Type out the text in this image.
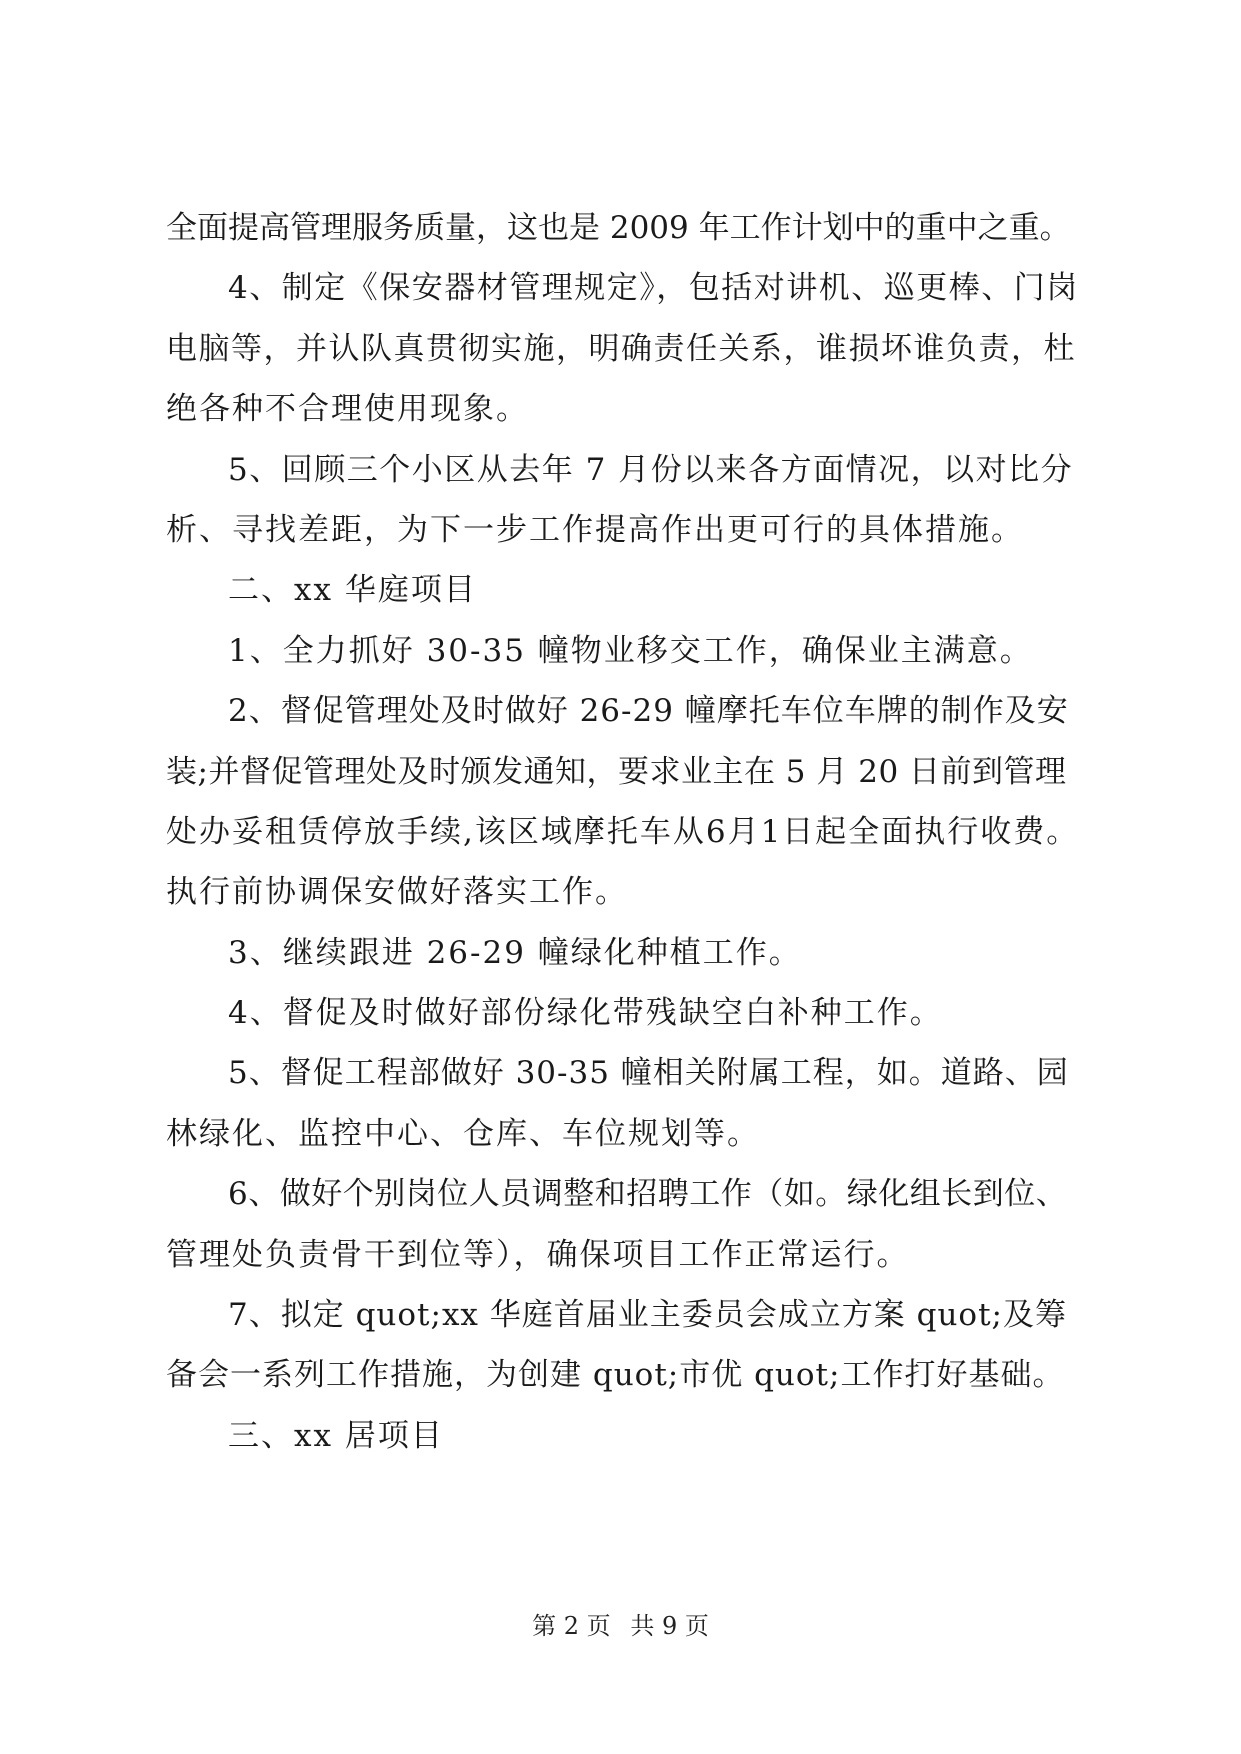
全面提高管理服务质量，这也是 2009 年工作计划中的重中之重。
4、制定《保安器材管理规定》，包括对讲机、巡更棒、门岗
电脑等，并认队真贯彻实施，明确责任关系，谁损坏谁负责，杜
绝各种不合理使用现象。
5、回顾三个小区从去年 7 月份以来各方面情况，以对比分
析、寻找差距，为下一步工作提高作出更可行的具体措施。
二、xx 华庭项目
1、全力抓好 30-35 幢物业移交工作，确保业主满意。
2、督促管理处及时做好 26-29 幢摩托车位车牌的制作及安
装;并督促管理处及时颁发通知，要求业主在 5 月 20 日前到管理
处办妥租赁停放手续,该区域摩托车从6月1日起全面执行收费。
执行前协调保安做好落实工作。
3、继续跟进 26-29 幢绿化种植工作。
4、督促及时做好部份绿化带残缺空白补种工作。
5、督促工程部做好 30-35 幢相关附属工程，如。道路、园
林绿化、监控中心、仓库、车位规划等。
6、做好个别岗位人员调整和招聘工作（如。绿化组长到位、
管理处负责骨干到位等），确保项目工作正常运行。
7、拟定 quot;xx 华庭首届业主委员会成立方案 quot;及筹
备会一系列工作措施，为创建 quot;市优 quot;工作打好基础。
三、xx 居项目
第 2 页 共 9 页
